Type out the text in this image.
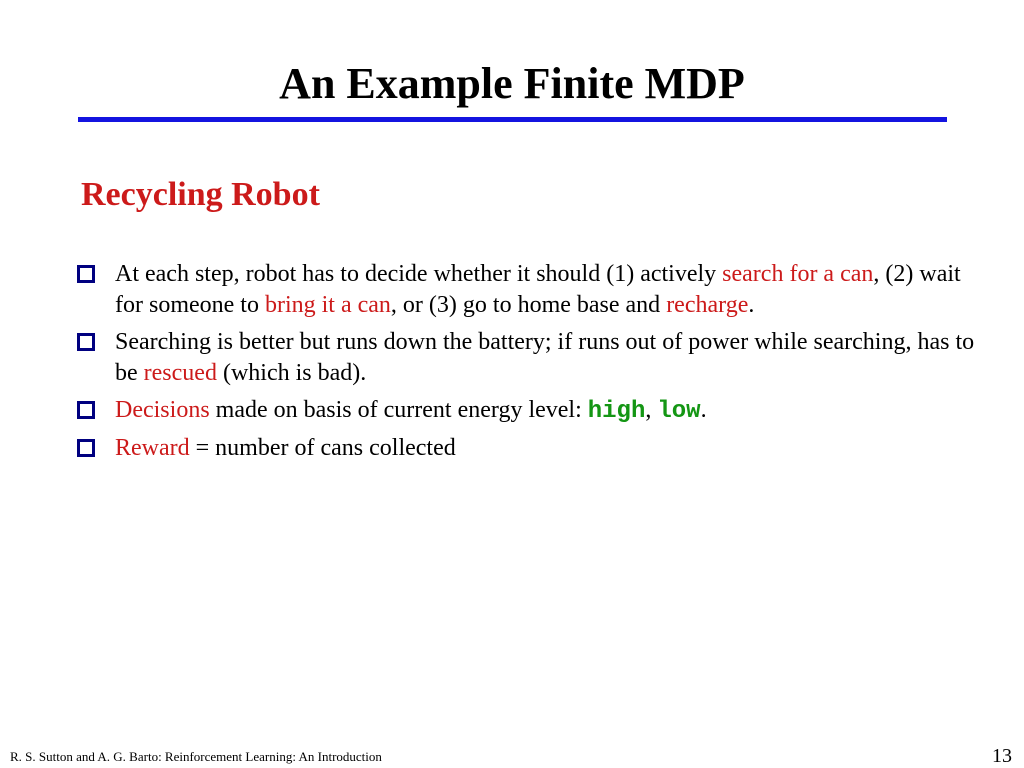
An Example Finite MDP
Recycling Robot
At each step, robot has to decide whether it should (1) actively search for a can, (2) wait for someone to bring it a can, or (3) go to home base and recharge.
Searching is better but runs down the battery; if runs out of power while searching, has to be rescued (which is bad).
Decisions made on basis of current energy level: high, low.
Reward = number of cans collected

R. S. Sutton and A. G. Barto: Reinforcement Learning: An Introduction	13
